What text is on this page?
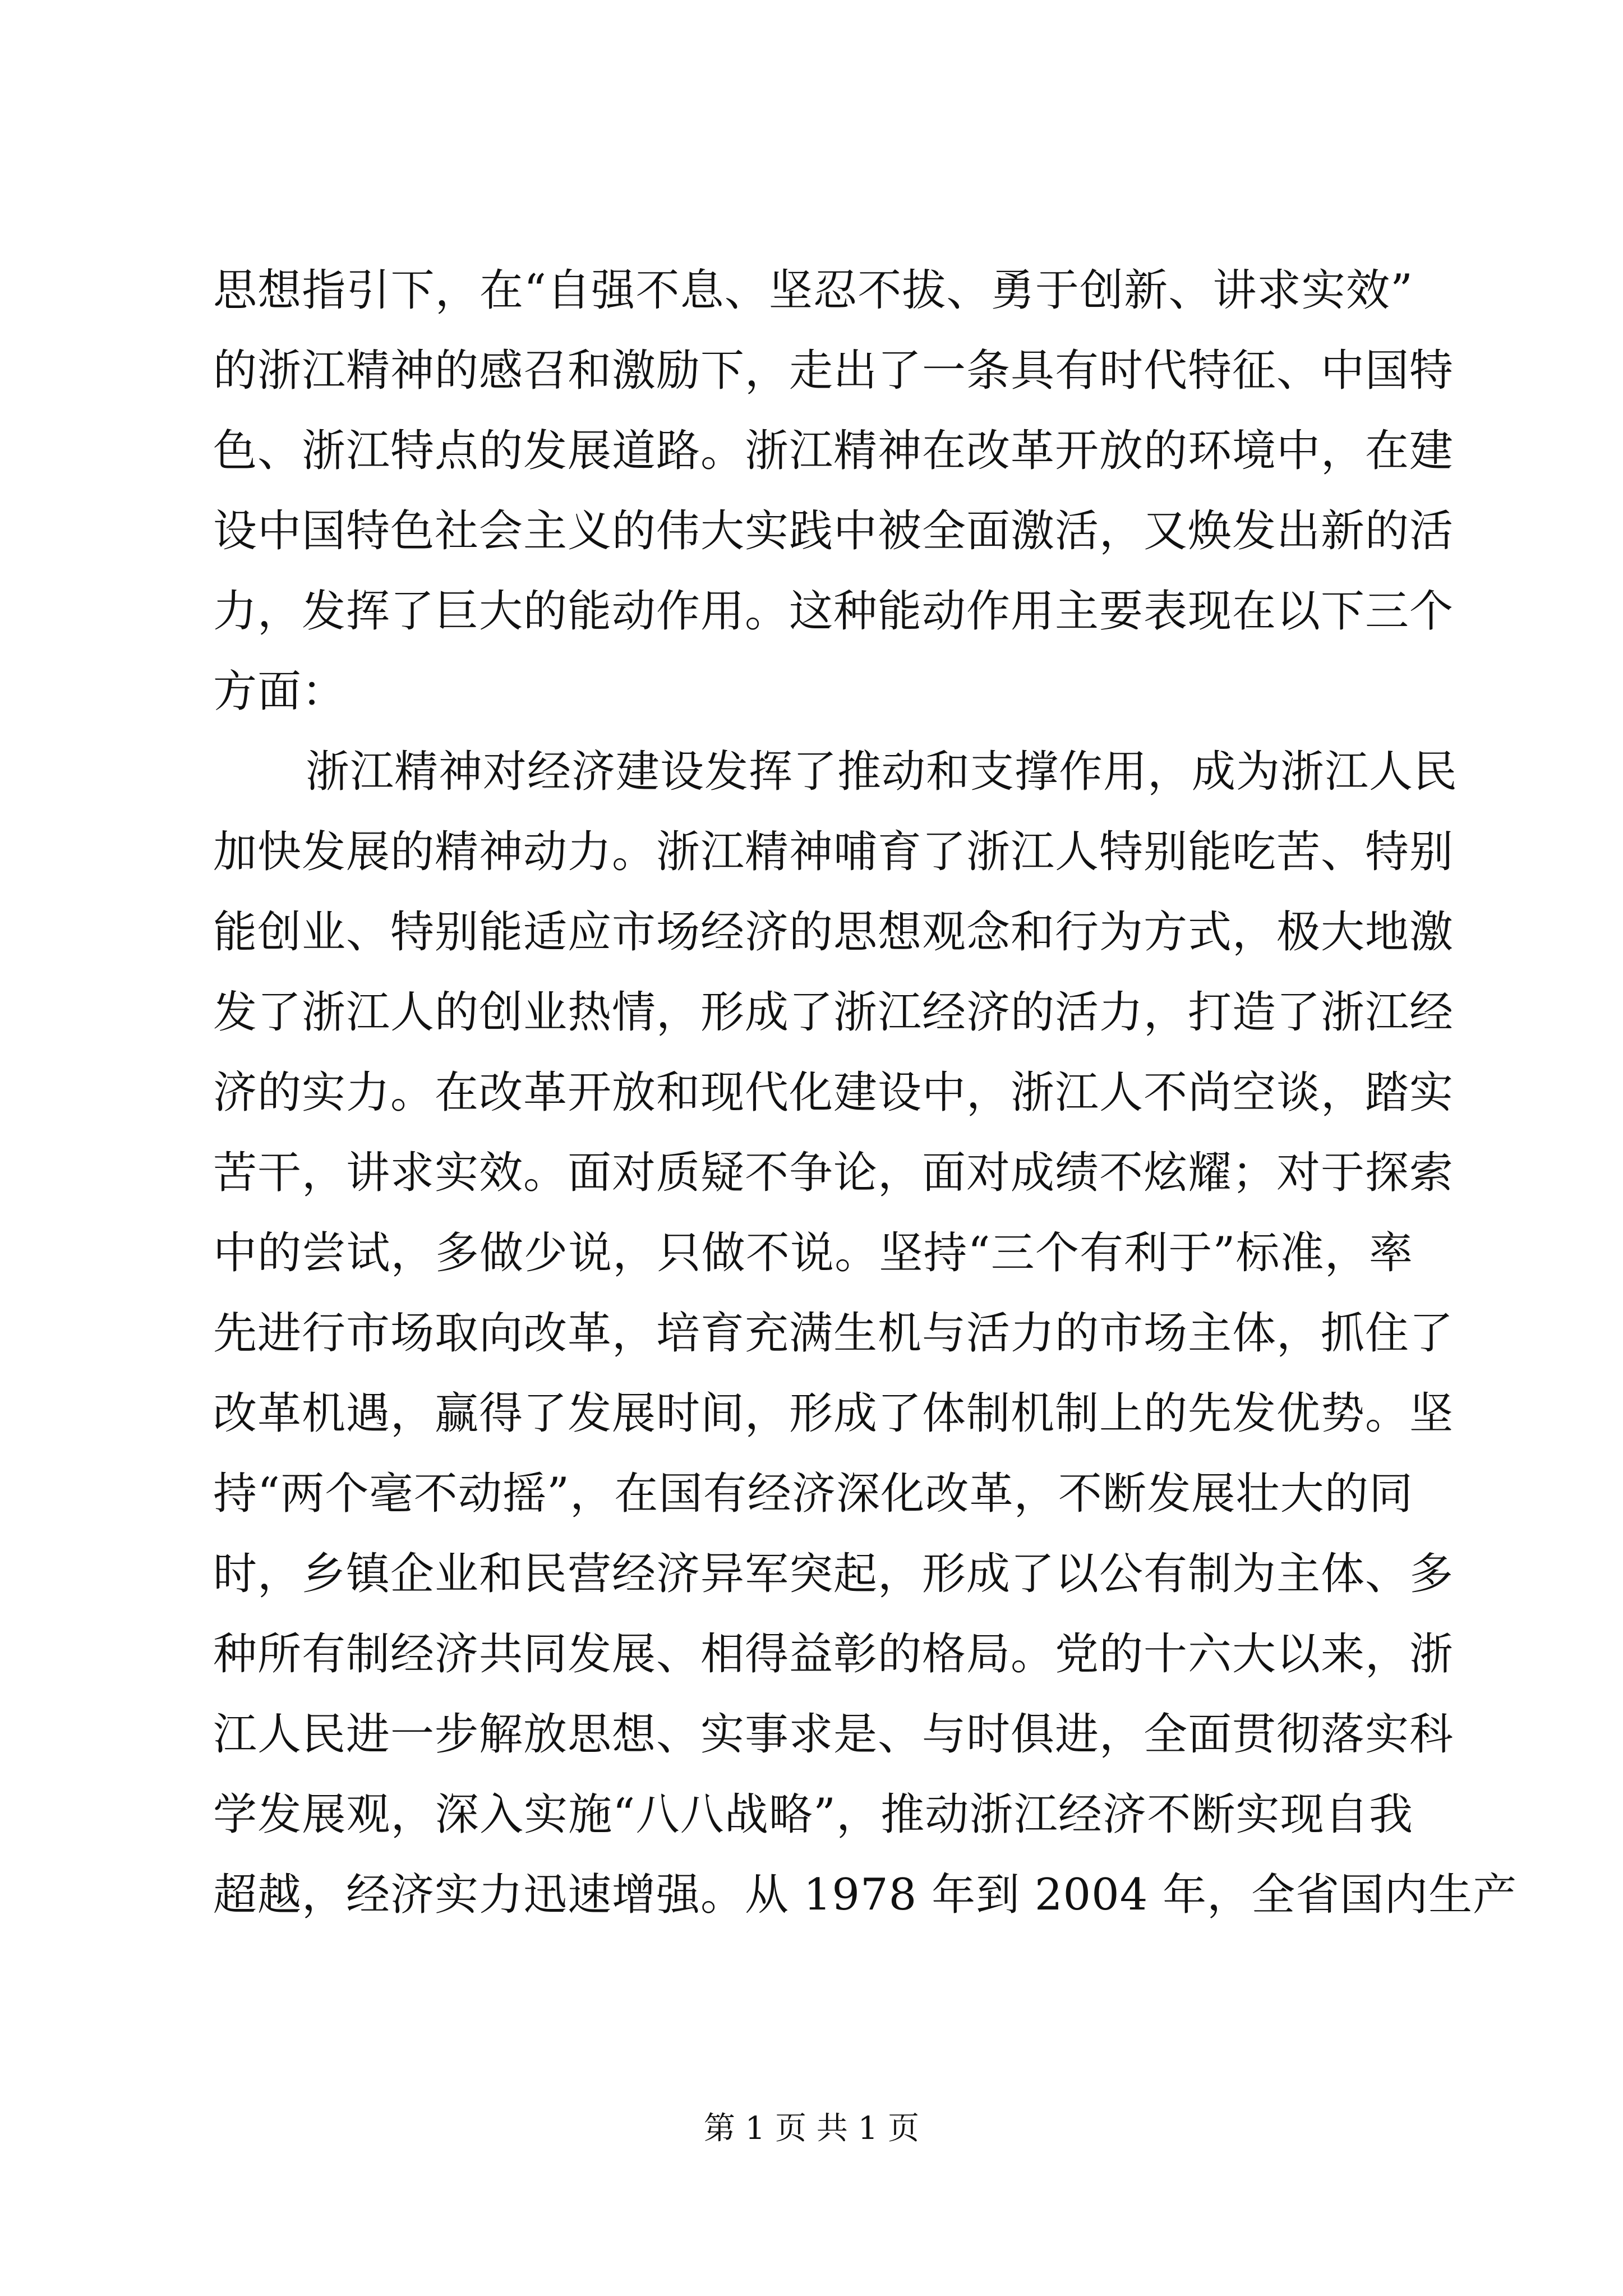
思想指引下，在“自强不息、坚忍不拔、勇于创新、讲求实效”

的浙江精神的感召和激励下，走出了一条具有时代特征、中国特

色、浙江特点的发展道路。浙江精神在改革开放的环境中，在建

设中国特色社会主义的伟大实践中被全面激活，又焕发出新的活

力，发挥了巨大的能动作用。这种能动作用主要表现在以下三个

方面：

浙江精神对经济建设发挥了推动和支撑作用，成为浙江人民

加快发展的精神动力。浙江精神哺育了浙江人特别能吃苦、特别

能创业、特别能适应市场经济的思想观念和行为方式，极大地激

发了浙江人的创业热情，形成了浙江经济的活力，打造了浙江经

济的实力。在改革开放和现代化建设中，浙江人不尚空谈，踏实

苦干，讲求实效。面对质疑不争论，面对成绩不炫耀；对于探索

中的尝试，多做少说，只做不说。坚持“三个有利于”标准，率

先进行市场取向改革，培育充满生机与活力的市场主体，抓住了

改革机遇，赢得了发展时间，形成了体制机制上的先发优势。坚

持“两个毫不动摇”，在国有经济深化改革，不断发展壮大的同

时，乡镇企业和民营经济异军突起，形成了以公有制为主体、多

种所有制经济共同发展、相得益彰的格局。党的十六大以来，浙

江人民进一步解放思想、实事求是、与时俱进，全面贯彻落实科

学发展观，深入实施“八八战略”，推动浙江经济不断实现自我

超越，经济实力迅速增强。从 1978 年到 2004 年，全省国内生产

第 1 页 共 1 页
